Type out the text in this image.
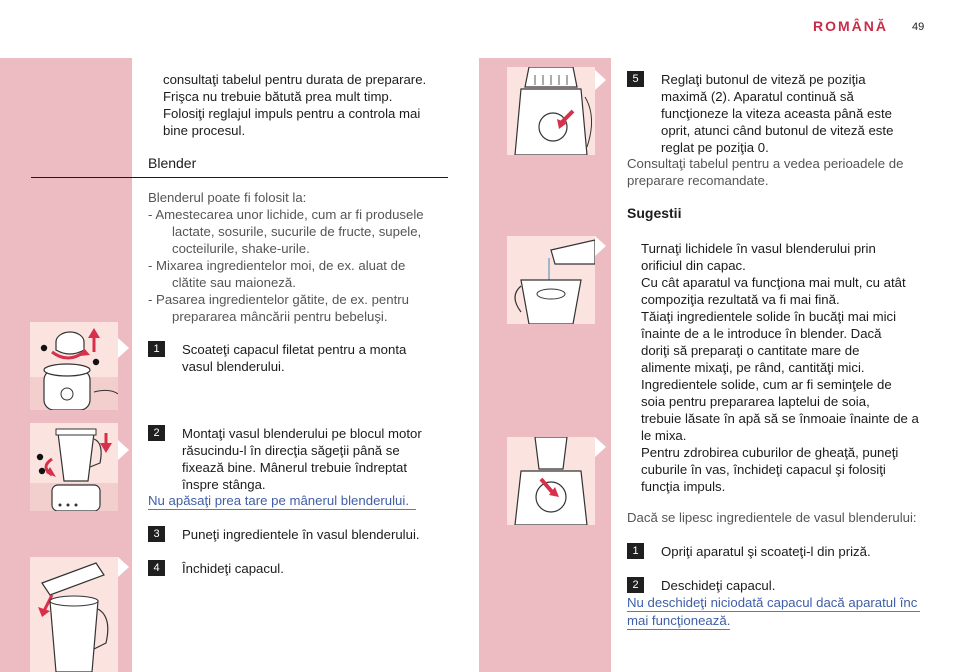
ROMÂNĂ 49
consultaţi tabelul pentru durata de preparare.
Frişca nu trebuie bătută prea mult timp.
Folosiţi reglajul impuls pentru a controla mai
bine procesul.
Blender
Blenderul poate fi folosit la:
- Amestecarea unor lichide, cum ar fi produsele
lactate, sosurile, sucurile de fructe, supele,
cocteilurile, shake-urile.
- Mixarea ingredientelor moi, de ex. aluat de
clătite sau maioneză.
- Pasarea ingredientelor gătite, de ex. pentru
prepararea mâncării pentru bebeluşi.
1	Scoateţi capacul filetat pentru a monta
vasul blenderului.
2	Montaţi vasul blenderului pe blocul motor
răsucindu-l în direcţia săgeţii până se
fixează bine. Mânerul trebuie îndreptat
înspre stânga.
Nu apăsaţi prea tare pe mânerul blenderului.
3	Puneţi ingredientele în vasul blenderului.
4	Închideţi capacul.
5	Reglaţi butonul de viteză pe poziţia
maximă (2). Aparatul continuă să
funcţioneze la viteza aceasta până este
oprit, atunci când butonul de viteză este
reglat pe poziţia 0.
Consultaţi tabelul pentru a vedea perioadele de
preparare recomandate.
Sugestii
Turnaţi lichidele în vasul blenderului prin
orificiul din capac.
Cu cât aparatul va funcţiona mai mult, cu atât
compoziţia rezultată va fi mai fină.
Tăiaţi ingredientele solide în bucăţi mai mici
înainte de a le introduce în blender. Dacă
doriţi să preparaţi o cantitate mare de
alimente mixaţi, pe rând, cantităţi mici.
Ingredientele solide, cum ar fi seminţele de
soia pentru prepararea laptelui de soia,
trebuie lăsate în apă să se înmoaie înainte de a
le mixa.
Pentru zdrobirea cuburilor de gheaţă, puneţi
cuburile în vas, închideţi capacul şi folosiţi
funcţia impuls.
Dacă se lipesc ingredientele de vasul blenderului:
1	Opriţi aparatul şi scoateţi-l din priză.
2	Deschideţi capacul.
Nu deschideţi niciodată capacul dacă aparatul înc
mai funcţionează.
